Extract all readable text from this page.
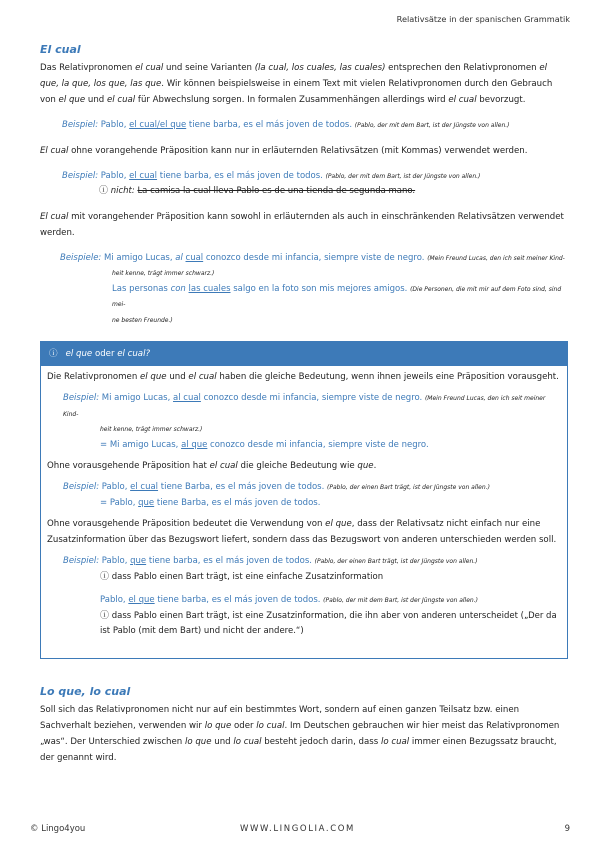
Relativsätze in der spanischen Grammatik
El cual

Das Relativpronomen el cual und seine Varianten (la cual, los cuales, las cuales) entsprechen den Relativpronomen el que, la que, los que, las que. Wir können beispielsweise in einem Text mit vielen Relativpronomen durch den Gebrauch von el que und el cual für Abwechslung sorgen. In formalen Zusammenhängen allerdings wird el cual bevorzugt.

Beispiel: Pablo, el cual/el que tiene barba, es el más joven de todos. (Pablo, der mit dem Bart, ist der Jüngste von allen.)

El cual ohne vorangehende Präposition kann nur in erläuternden Relativsätzen (mit Kommas) verwendet werden.

Beispiel: Pablo, el cual tiene barba, es el más joven de todos. (Pablo, der mit dem Bart, ist der Jüngste von allen.)
ⓘ nicht: La camisa la cual lleva Pablo es de una tienda de segunda mano.

El cual mit vorangehender Präposition kann sowohl in erläuternden als auch in einschränkenden Relativsätzen verwendet werden.

Beispiele: Mi amigo Lucas, al cual conozco desde mi infancia, siempre viste de negro. (Mein Freund Lucas, den ich seit meiner Kind-
heit kenne, trägt immer schwarz.)
Las personas con las cuales salgo en la foto son mis mejores amigos. (Die Personen, die mit mir auf dem Foto sind, sind mei-
ne besten Freunde.)
ⓘ el que oder el cual?

Die Relativpronomen el que und el cual haben die gleiche Bedeutung, wenn ihnen jeweils eine Präposition vorausgeht.

Beispiel: Mi amigo Lucas, al cual conozco desde mi infancia, siempre viste de negro. (Mein Freund Lucas, den ich seit meiner Kind-
heit kenne, trägt immer schwarz.)
= Mi amigo Lucas, al que conozco desde mi infancia, siempre viste de negro.

Ohne vorausgehende Präposition hat el cual die gleiche Bedeutung wie que.

Beispiel: Pablo, el cual tiene Barba, es el más joven de todos. (Pablo, der einen Bart trägt, ist der Jüngste von allen.)
= Pablo, que tiene Barba, es el más joven de todos.

Ohne vorausgehende Präposition bedeutet die Verwendung von el que, dass der Relativsatz nicht einfach nur eine Zusatzinformation über das Bezugswort liefert, sondern dass das Bezugswort von anderen unterschieden werden soll.

Beispiel: Pablo, que tiene barba, es el más joven de todos. (Pablo, der einen Bart trägt, ist der Jüngste von allen.)
ⓘ dass Pablo einen Bart trägt, ist eine einfache Zusatzinformation
Pablo, el que tiene barba, es el más joven de todos. (Pablo, der mit dem Bart, ist der Jüngste von allen.)
ⓘ dass Pablo einen Bart trägt, ist eine Zusatzinformation, die ihn aber von anderen unterscheidet („Der da
ist Pablo (mit dem Bart) und nicht der andere.“)
Lo que, lo cual

Soll sich das Relativpronomen nicht nur auf ein bestimmtes Wort, sondern auf einen ganzen Teilsatz bzw. einen Sachverhalt beziehen, verwenden wir lo que oder lo cual. Im Deutschen gebrauchen wir hier meist das Relativpronomen „was“. Der Unterschied zwischen lo que und lo cual besteht jedoch darin, dass lo cual immer einen Bezugssatz braucht, der genannt wird.

© Lingo4you	WWW.LINGOLIA.COM	9
